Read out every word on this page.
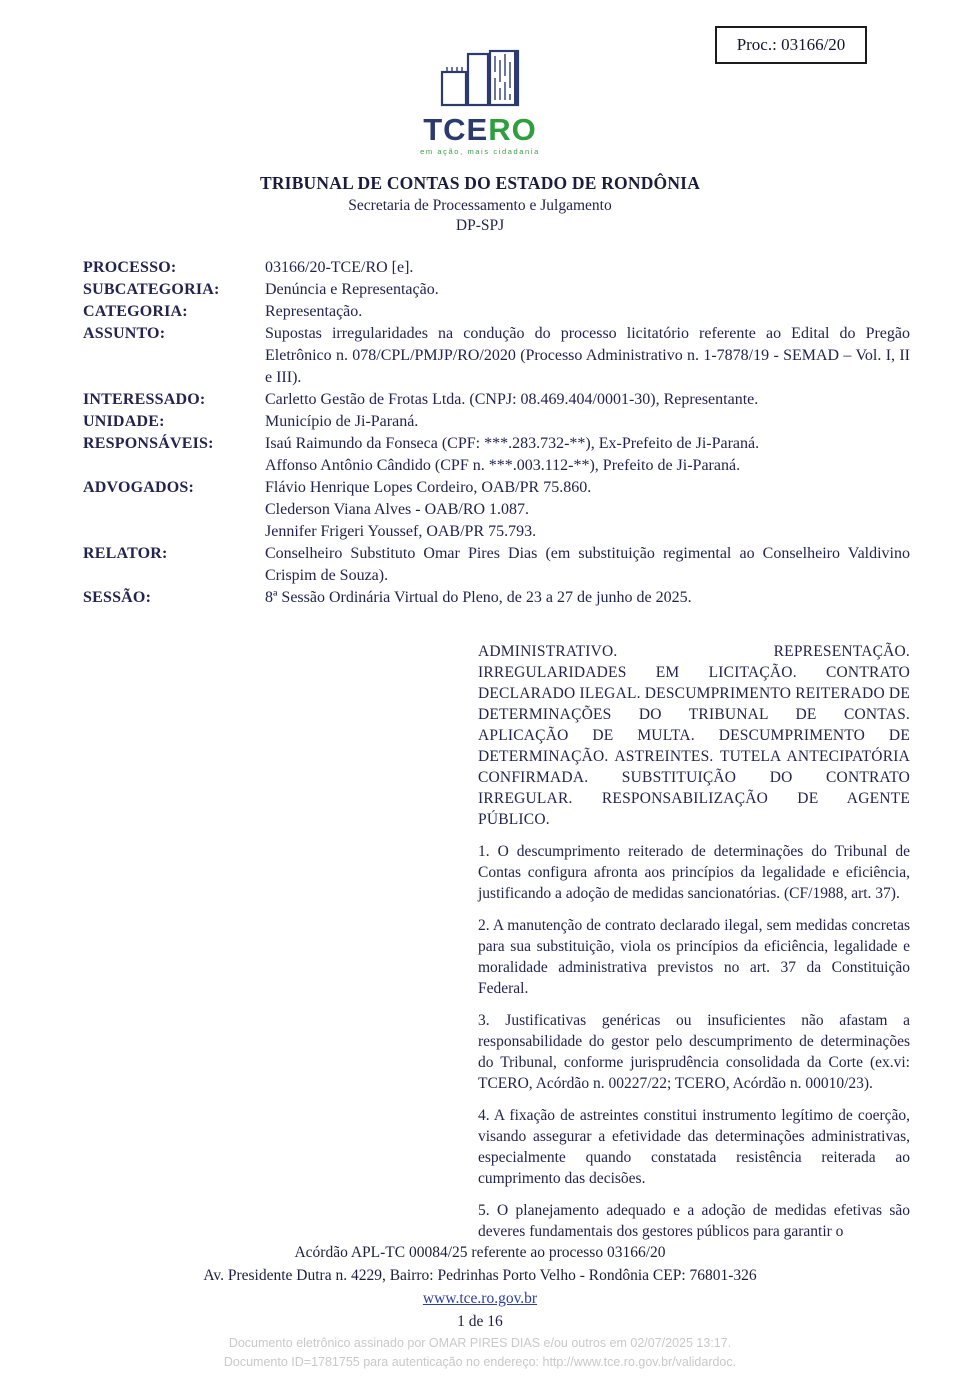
Proc.: 03166/20
TCERO
em ação, mais cidadania
TRIBUNAL DE CONTAS DO ESTADO DE RONDÔNIA
Secretaria de Processamento e Julgamento
DP-SPJ
PROCESSO:	03166/20-TCE/RO [e].
SUBCATEGORIA:	Denúncia e Representação.
CATEGORIA:	Representação.
ASSUNTO:	Supostas irregularidades na condução do processo licitatório referente ao Edital do Pregão Eletrônico n. 078/CPL/PMJP/RO/2020 (Processo Administrativo n. 1-7878/19 - SEMAD – Vol. I, II e III).
INTERESSADO:	Carletto Gestão de Frotas Ltda. (CNPJ: 08.469.404/0001-30), Representante.
UNIDADE:	Município de Ji-Paraná.
RESPONSÁVEIS:	Isaú Raimundo da Fonseca (CPF: ***.283.732-**), Ex-Prefeito de Ji-Paraná.
Affonso Antônio Cândido (CPF n. ***.003.112-**), Prefeito de Ji-Paraná.
ADVOGADOS:	Flávio Henrique Lopes Cordeiro, OAB/PR 75.860.
Clederson Viana Alves - OAB/RO 1.087.
Jennifer Frigeri Youssef, OAB/PR 75.793.
RELATOR:	Conselheiro Substituto Omar Pires Dias (em substituição regimental ao Conselheiro Valdivino Crispim de Souza).
SESSÃO:	8ª Sessão Ordinária Virtual do Pleno, de 23 a 27 de junho de 2025.

ADMINISTRATIVO. REPRESENTAÇÃO. IRREGULARIDADES EM LICITAÇÃO. CONTRATO DECLARADO ILEGAL. DESCUMPRIMENTO REITERADO DE DETERMINAÇÕES DO TRIBUNAL DE CONTAS. APLICAÇÃO DE MULTA. DESCUMPRIMENTO DE DETERMINAÇÃO. ASTREINTES. TUTELA ANTECIPATÓRIA CONFIRMADA. SUBSTITUIÇÃO DO CONTRATO IRREGULAR. RESPONSABILIZAÇÃO DE AGENTE PÚBLICO.

1. O descumprimento reiterado de determinações do Tribunal de Contas configura afronta aos princípios da legalidade e eficiência, justificando a adoção de medidas sancionatórias. (CF/1988, art. 37).

2. A manutenção de contrato declarado ilegal, sem medidas concretas para sua substituição, viola os princípios da eficiência, legalidade e moralidade administrativa previstos no art. 37 da Constituição Federal.

3. Justificativas genéricas ou insuficientes não afastam a responsabilidade do gestor pelo descumprimento de determinações do Tribunal, conforme jurisprudência consolidada da Corte (ex.vi: TCERO, Acórdão n. 00227/22; TCERO, Acórdão n. 00010/23).

4. A fixação de astreintes constitui instrumento legítimo de coerção, visando assegurar a efetividade das determinações administrativas, especialmente quando constatada resistência reiterada ao cumprimento das decisões.

5. O planejamento adequado e a adoção de medidas efetivas são deveres fundamentais dos gestores públicos para garantir o

Acórdão APL-TC 00084/25 referente ao processo 03166/20
Av. Presidente Dutra n. 4229, Bairro: Pedrinhas Porto Velho - Rondônia CEP: 76801-326
www.tce.ro.gov.br
1 de 16
Documento eletrônico assinado por OMAR PIRES DIAS e/ou outros em 02/07/2025 13:17.
Documento ID=1781755 para autenticação no endereço: http://www.tce.ro.gov.br/validardoc.
